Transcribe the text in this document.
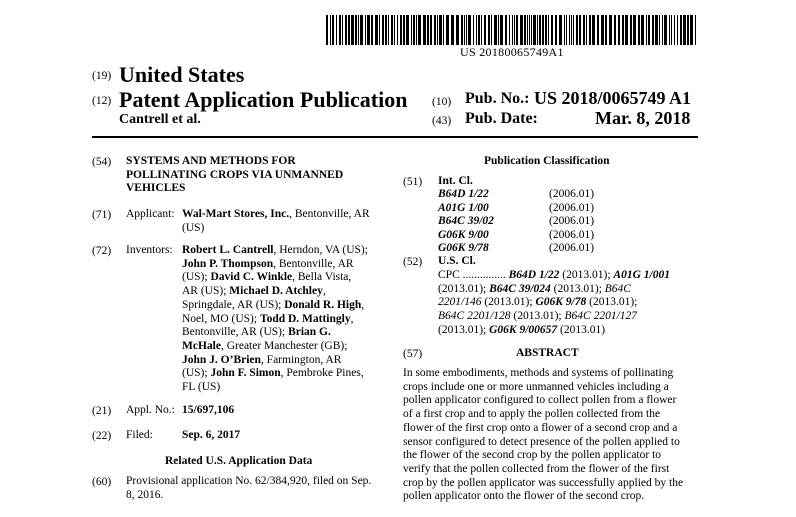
US 20180065749A1
(19) United States
(12) Patent Application Publication
Cantrell et al.
(10) Pub. No.: US 2018/0065749 A1
(43) Pub. Date:	Mar. 8, 2018
(54) SYSTEMS AND METHODS FOR
POLLINATING CROPS VIA UNMANNED
VEHICLES
(71) Applicant: Wal-Mart Stores, Inc., Bentonville, AR
(US)
(72) Inventors: Robert L. Cantrell, Herndon, VA (US);
John P. Thompson, Bentonville, AR
(US); David C. Winkle, Bella Vista,
AR (US); Michael D. Atchley,
Springdale, AR (US); Donald R. High,
Noel, MO (US); Todd D. Mattingly,
Bentonville, AR (US); Brian G.
McHale, Greater Manchester (GB);
John J. O’Brien, Farmington, AR
(US); John F. Simon, Pembroke Pines,
FL (US)
(21) Appl. No.: 15/697,106
(22) Filed:	Sep. 6, 2017
Related U.S. Application Data
(60) Provisional application No. 62/384,920, filed on Sep.
8, 2016.
Publication Classification
(51) Int. Cl.
B64D 1/22	(2006.01)
A01G 1/00	(2006.01)
B64C 39/02	(2006.01)
G06K 9/00	(2006.01)
G06K 9/78	(2006.01)
(52) U.S. Cl.
CPC ............... B64D 1/22 (2013.01); A01G 1/001
(2013.01); B64C 39/024 (2013.01); B64C
2201/146 (2013.01); G06K 9/78 (2013.01);
B64C 2201/128 (2013.01); B64C 2201/127
(2013.01); G06K 9/00657 (2013.01)
(57)	ABSTRACT
In some embodiments, methods and systems of pollinating
crops include one or more unmanned vehicles including a
pollen applicator configured to collect pollen from a flower
of a first crop and to apply the pollen collected from the
flower of the first crop onto a flower of a second crop and a
sensor configured to detect presence of the pollen applied to
the flower of the second crop by the pollen applicator to
verify that the pollen collected from the flower of the first
crop by the pollen applicator was successfully applied by the
pollen applicator onto the flower of the second crop.
